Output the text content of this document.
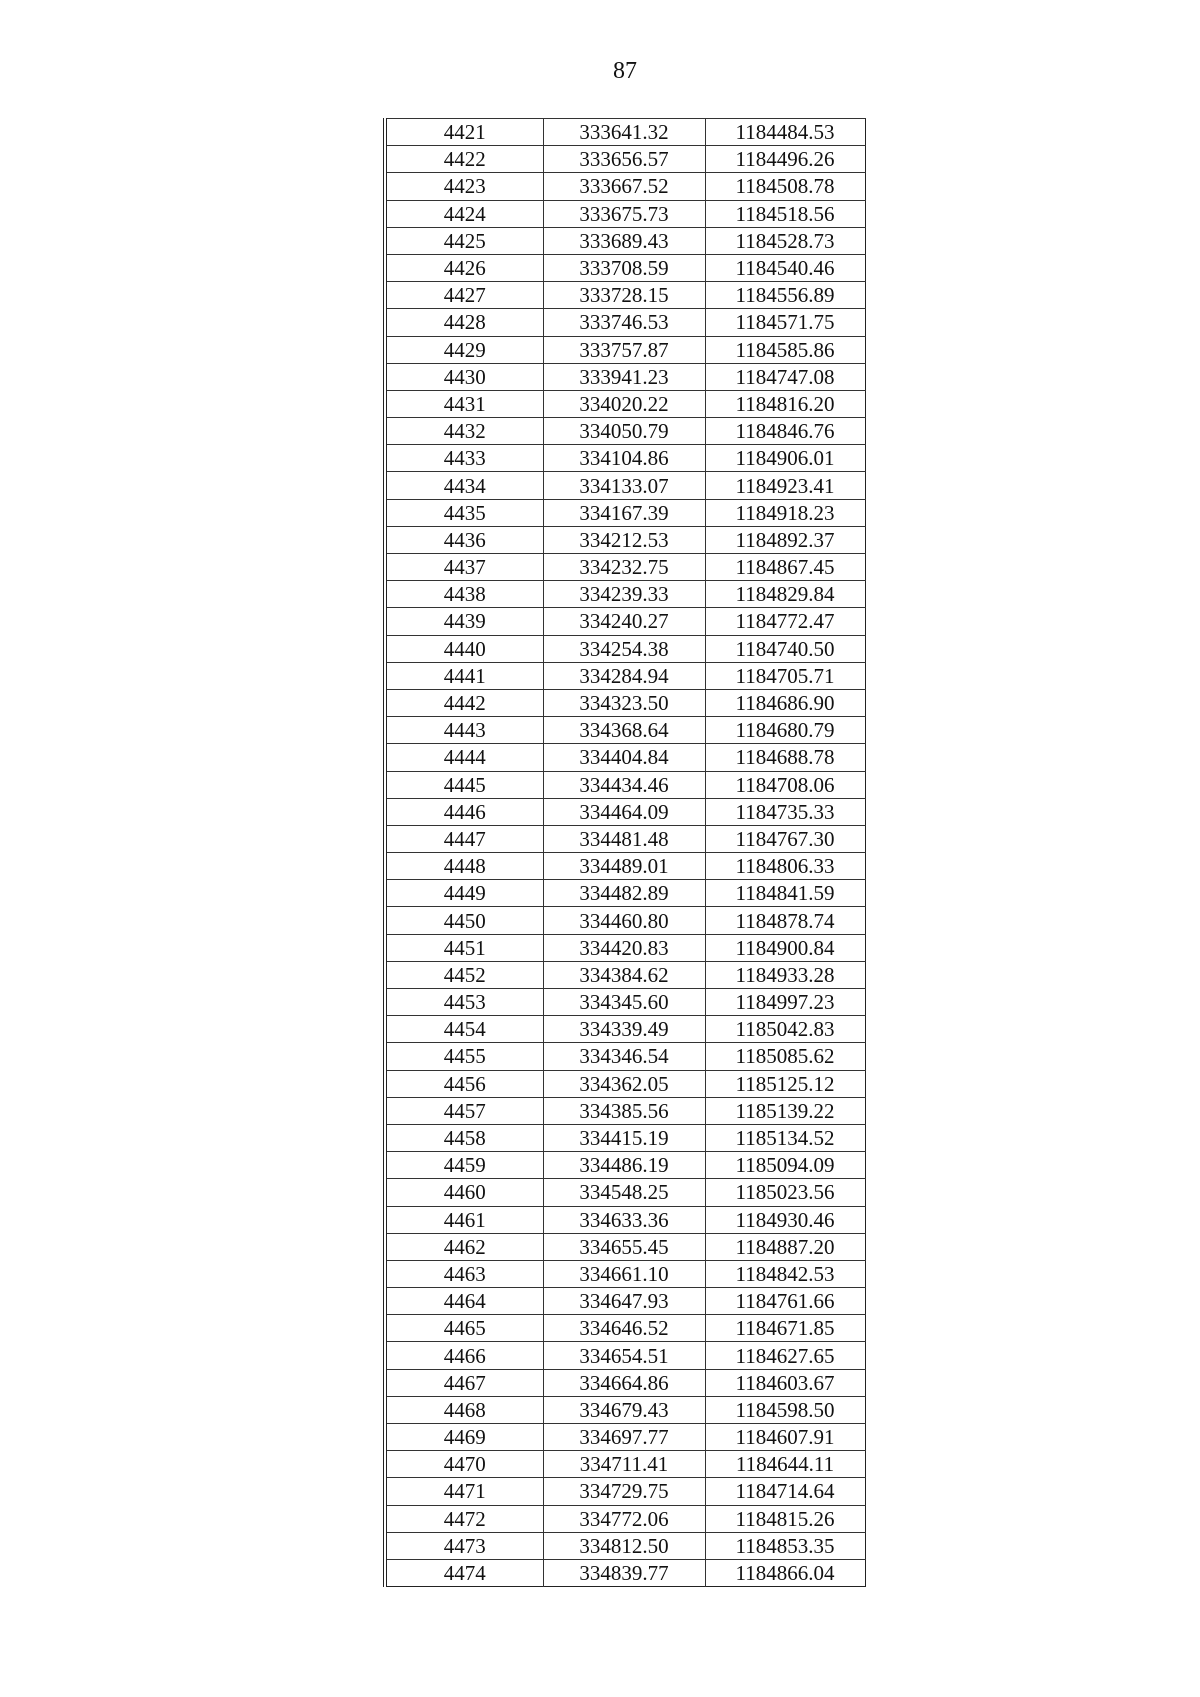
87
4421	333641.32	1184484.53
4422	333656.57	1184496.26
4423	333667.52	1184508.78
4424	333675.73	1184518.56
4425	333689.43	1184528.73
4426	333708.59	1184540.46
4427	333728.15	1184556.89
4428	333746.53	1184571.75
4429	333757.87	1184585.86
4430	333941.23	1184747.08
4431	334020.22	1184816.20
4432	334050.79	1184846.76
4433	334104.86	1184906.01
4434	334133.07	1184923.41
4435	334167.39	1184918.23
4436	334212.53	1184892.37
4437	334232.75	1184867.45
4438	334239.33	1184829.84
4439	334240.27	1184772.47
4440	334254.38	1184740.50
4441	334284.94	1184705.71
4442	334323.50	1184686.90
4443	334368.64	1184680.79
4444	334404.84	1184688.78
4445	334434.46	1184708.06
4446	334464.09	1184735.33
4447	334481.48	1184767.30
4448	334489.01	1184806.33
4449	334482.89	1184841.59
4450	334460.80	1184878.74
4451	334420.83	1184900.84
4452	334384.62	1184933.28
4453	334345.60	1184997.23
4454	334339.49	1185042.83
4455	334346.54	1185085.62
4456	334362.05	1185125.12
4457	334385.56	1185139.22
4458	334415.19	1185134.52
4459	334486.19	1185094.09
4460	334548.25	1185023.56
4461	334633.36	1184930.46
4462	334655.45	1184887.20
4463	334661.10	1184842.53
4464	334647.93	1184761.66
4465	334646.52	1184671.85
4466	334654.51	1184627.65
4467	334664.86	1184603.67
4468	334679.43	1184598.50
4469	334697.77	1184607.91
4470	334711.41	1184644.11
4471	334729.75	1184714.64
4472	334772.06	1184815.26
4473	334812.50	1184853.35
4474	334839.77	1184866.04
